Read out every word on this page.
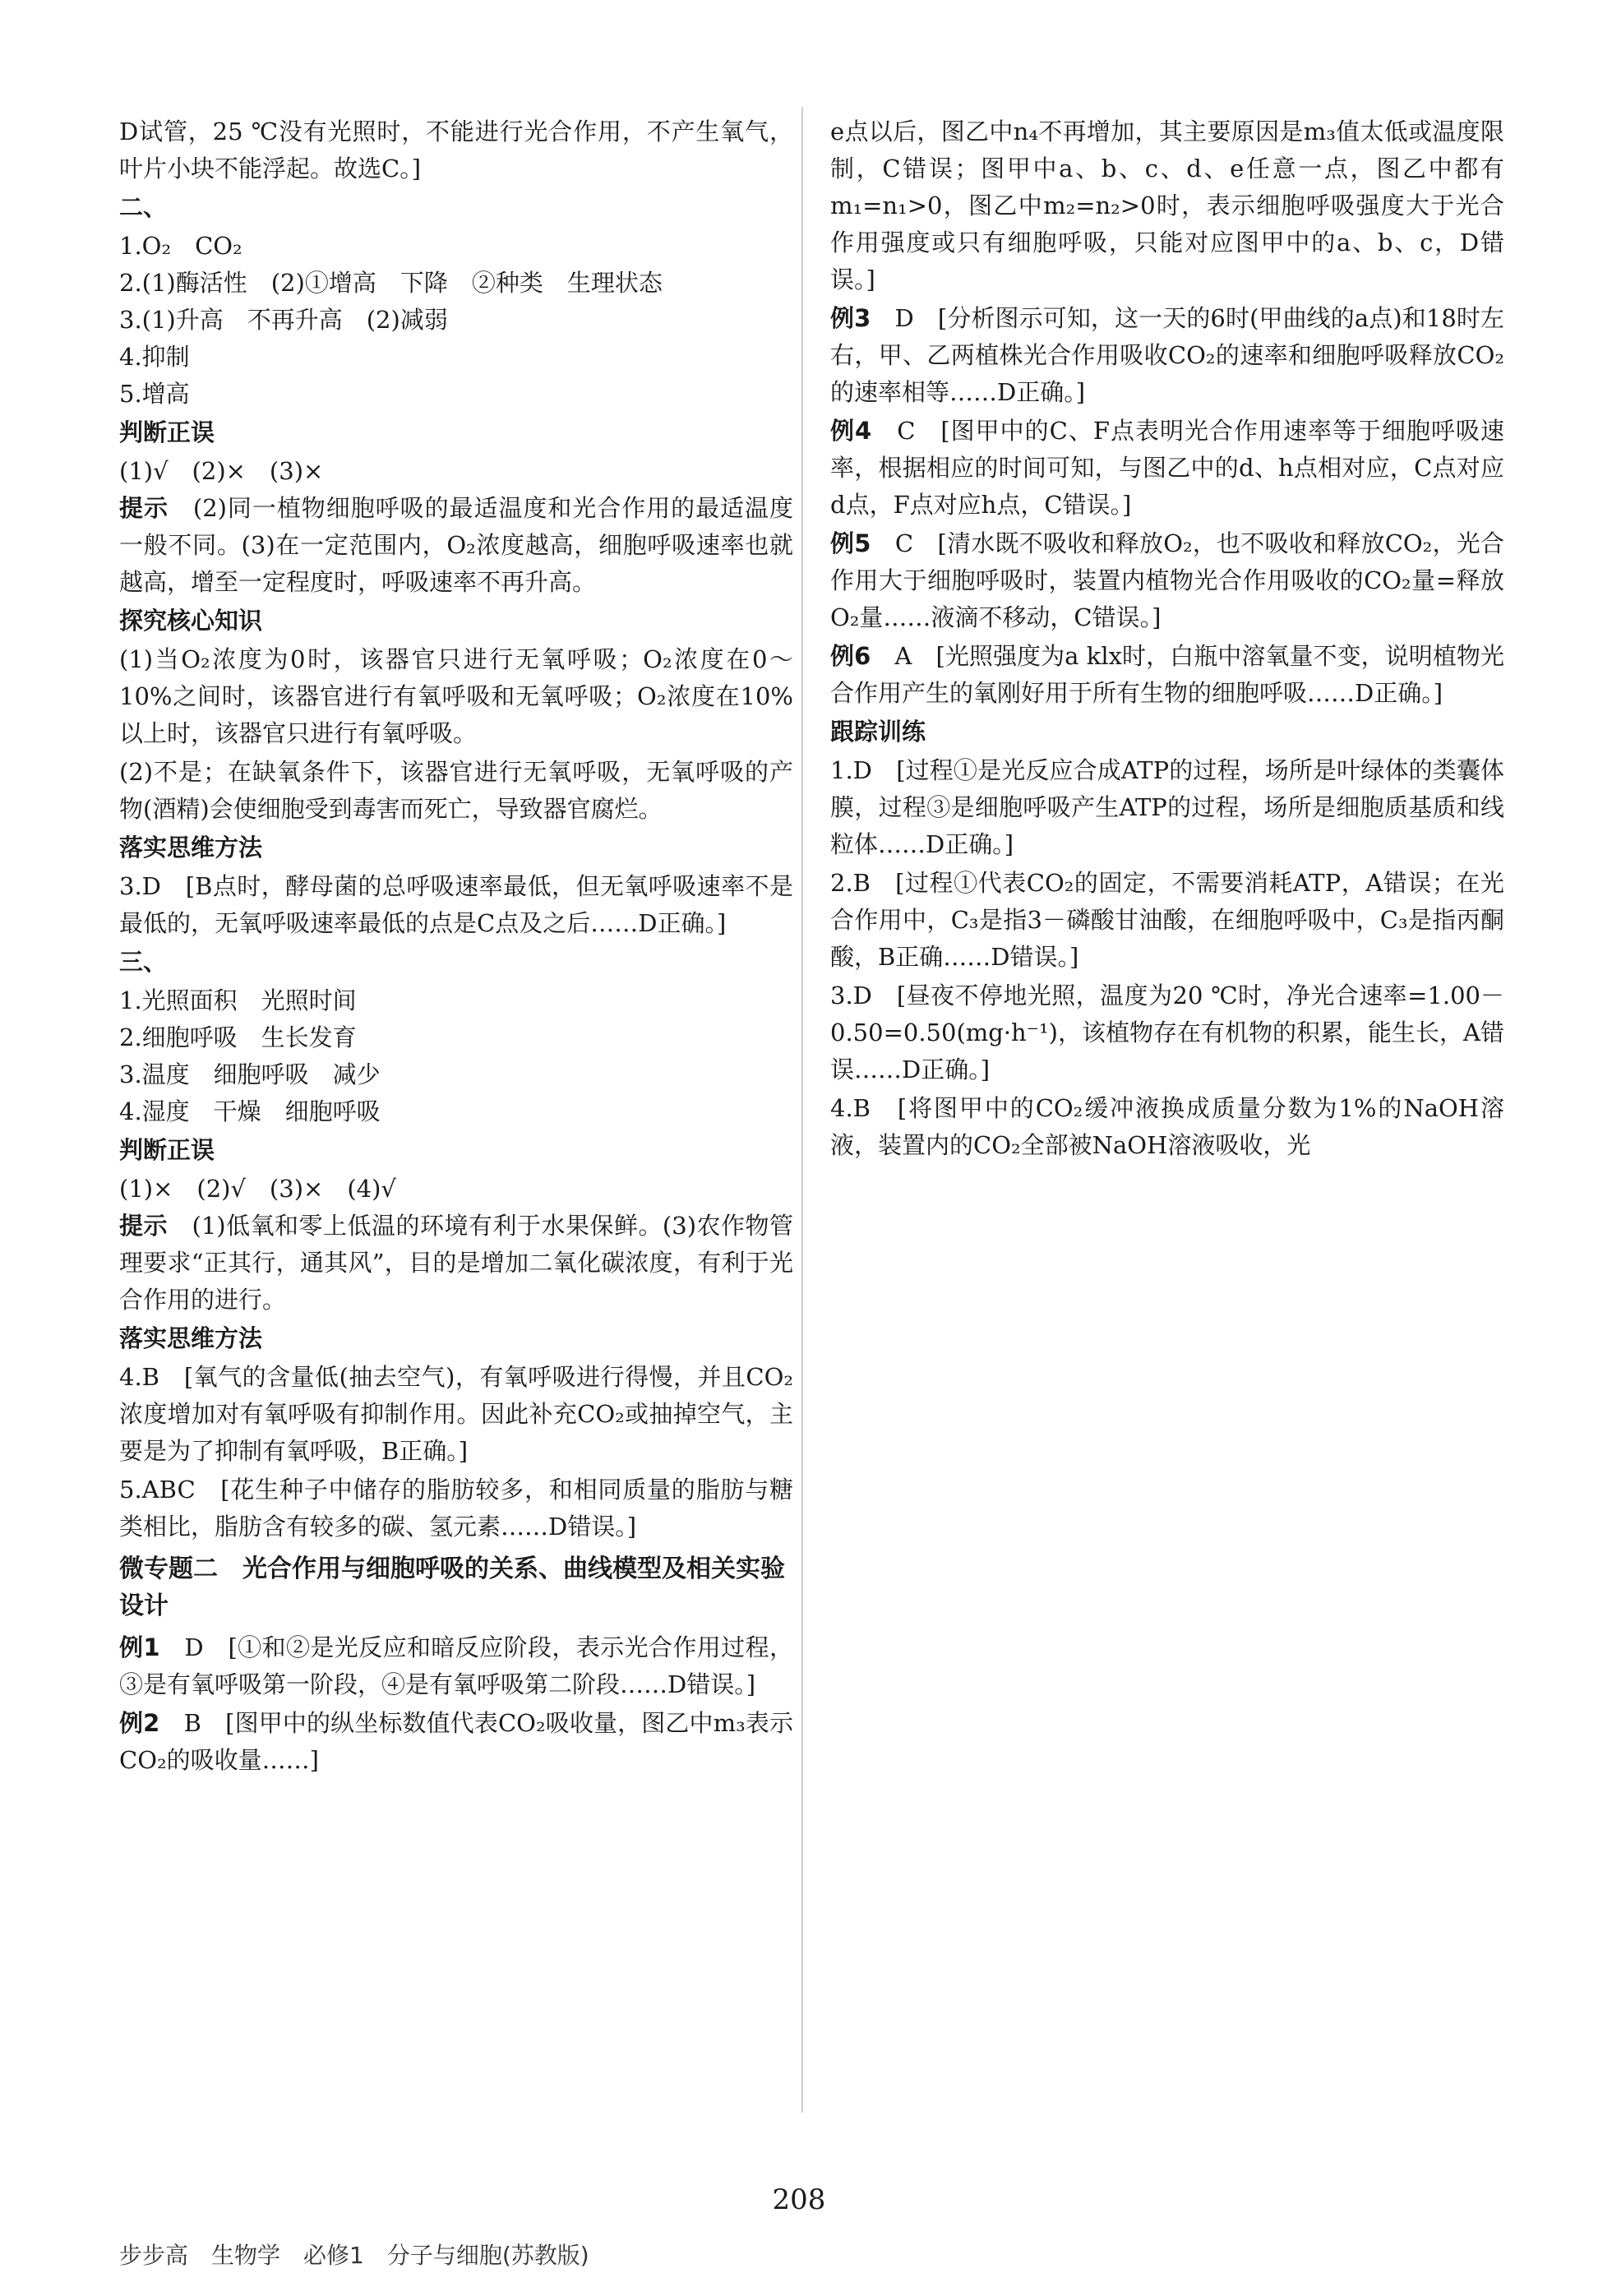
D试管，25 ℃没有光照时，不能进行光合作用，不产生氧气，叶片小块不能浮起。故选C。]

二、

1.O₂　CO₂

2.(1)酶活性　(2)①增高　下降　②种类　生理状态

3.(1)升高　不再升高　(2)减弱

4.抑制

5.增高

判断正误

(1)√　(2)×　(3)×

提示　 (2)同一植物细胞呼吸的最适温度和光合作用的最适温度一般不同。(3)在一定范围内，O₂浓度越高，细胞呼吸速率也就越高，增至一定程度时，呼吸速率不再升高。

探究核心知识

(1)当O₂浓度为0时，该器官只进行无氧呼吸；O₂浓度在0～10%之间时，该器官进行有氧呼吸和无氧呼吸；O₂浓度在10%以上时，该器官只进行有氧呼吸。

(2)不是；在缺氧条件下，该器官进行无氧呼吸，无氧呼吸的产物(酒精)会使细胞受到毒害而死亡，导致器官腐烂。

落实思维方法

3.D　[B点时，酵母菌的总呼吸速率最低，但无氧呼吸速率不是最低的，无氧呼吸速率最低的点是C点及之后……D正确。]

三、

1.光照面积　光照时间

2.细胞呼吸　生长发育

3.温度　细胞呼吸　减少

4.湿度　干燥　细胞呼吸

判断正误

(1)×　(2)√　(3)×　(4)√

提示　 (1)低氧和零上低温的环境有利于水果保鲜。(3)农作物管理要求“正其行，通其风”，目的是增加二氧化碳浓度，有利于光合作用的进行。

落实思维方法

4.B　[氧气的含量低(抽去空气)，有氧呼吸进行得慢，并且CO₂浓度增加对有氧呼吸有抑制作用。因此补充CO₂或抽掉空气，主要是为了抑制有氧呼吸，B正确。]

5.ABC　[花生种子中储存的脂肪较多，和相同质量的脂肪与糖类相比，脂肪含有较多的碳、氢元素……D错误。]

微专题二　光合作用与细胞呼吸的关系、曲线模型及相关实验设计

例1　 D　[①和②是光反应和暗反应阶段，表示光合作用过程，③是有氧呼吸第一阶段，④是有氧呼吸第二阶段……D错误。]

例2　 B　[图甲中的纵坐标数值代表CO₂吸收量，图乙中m₃表示CO₂的吸收量……]

e点以后，图乙中n₄不再增加，其主要原因是m₃值太低或温度限制，C错误；图甲中a、b、c、d、e任意一点，图乙中都有m₁=n₁>0，图乙中m₂=n₂>0时，表示细胞呼吸强度大于光合作用强度或只有细胞呼吸，只能对应图甲中的a、b、c，D错误。]

例3　 D　[分析图示可知，这一天的6时(甲曲线的a点)和18时左右，甲、乙两植株光合作用吸收CO₂的速率和细胞呼吸释放CO₂的速率相等……D正确。]

例4　 C　[图甲中的C、F点表明光合作用速率等于细胞呼吸速率，根据相应的时间可知，与图乙中的d、h点相对应，C点对应d点，F点对应h点，C错误。]

例5　 C　[清水既不吸收和释放O₂，也不吸收和释放CO₂，光合作用大于细胞呼吸时，装置内植物光合作用吸收的CO₂量=释放O₂量……液滴不移动，C错误。]

例6　 A　[光照强度为a klx时，白瓶中溶氧量不变，说明植物光合作用产生的氧刚好用于所有生物的细胞呼吸……D正确。]

跟踪训练

1.D　[过程①是光反应合成ATP的过程，场所是叶绿体的类囊体膜，过程③是细胞呼吸产生ATP的过程，场所是细胞质基质和线粒体……D正确。]

2.B　[过程①代表CO₂的固定，不需要消耗ATP，A错误；在光合作用中，C₃是指3－磷酸甘油酸，在细胞呼吸中，C₃是指丙酮酸，B正确……D错误。]

3.D　[昼夜不停地光照，温度为20 ℃时，净光合速率=1.00－0.50=0.50(mg·h⁻¹)，该植物存在有机物的积累，能生长，A错误……D正确。]

4.B　[将图甲中的CO₂缓冲液换成质量分数为1%的NaOH溶液，装置内的CO₂全部被NaOH溶液吸收，光

208
步步高　生物学　必修1　分子与细胞(苏教版)
